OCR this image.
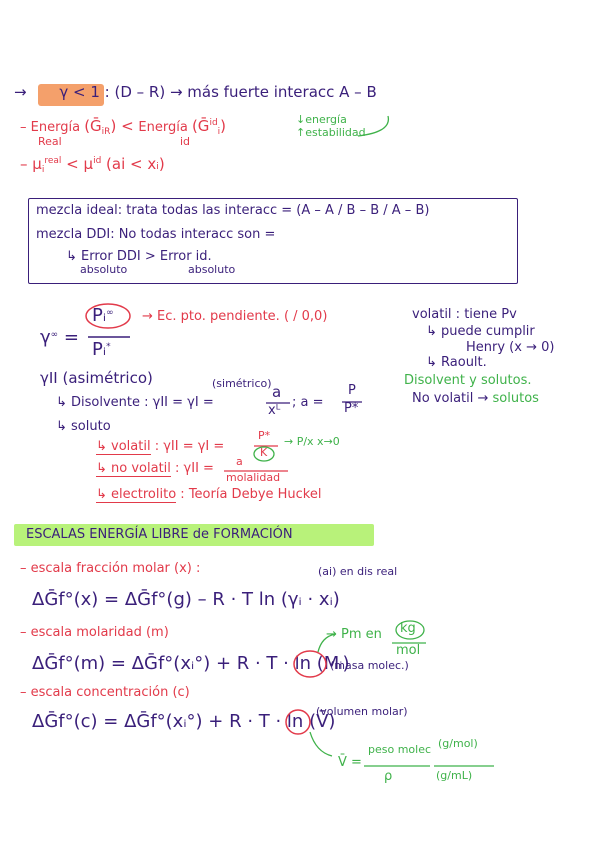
→ γ < 1 : (D – R) → más fuerte interacc A – B
– Energía (Ḡ$_{iR}$) < Energía (Ḡ$^{id}_i$)
Real	id
↓energía
↑estabilidad
– $\mu_i^{real} < \mu^{id}$ (ai < xᵢ)
mezcla ideal: trata todas las interacc = (A – A / B – B / A – B)
mezcla DDI: No todas interacc son =
↳ Error DDI > Error id.
absoluto	absoluto
γ∞ =
Pᵢ∞
Pᵢ*
→ Ec. pto. pendiente. ( / 0,0)	volatil : tiene Pv
↳ puede cumplir
Henry (x → 0)
↳ Raoult.
Disolvent y solutos.
No volatil → solutos
γII (asimétrico)	(simétrico)
↳ Disolvente : γII = γI =
a
xᴸ
; a =
P
P*
↳ soluto
↳ volatil : γII = γI =
P*
K
→ P/x x→0
↳ no volatil : γII = a
molalidad
↳ electrolito : Teoría Debye Huckel
ESCALAS ENERGÍA LIBRE de FORMACIÓN
– escala fracción molar (x) :	(ai) en dis real
ΔḠf°(x) = ΔḠf°(g) – R · T ln (γᵢ · xᵢ)
– escala molaridad (m)	→ Pm en kg
mol
ΔḠf°(m) = ΔḠf°(xᵢ°) + R · T · ln (Mᵢ)
(masa molec.)
– escala concentración (c)
ΔḠf°(c) = ΔḠf°(xᵢ°) + R · T · ln (V̄)
(volumen molar)
V̄ =
peso molec
ρ
(g/mol)
(g/mL)
